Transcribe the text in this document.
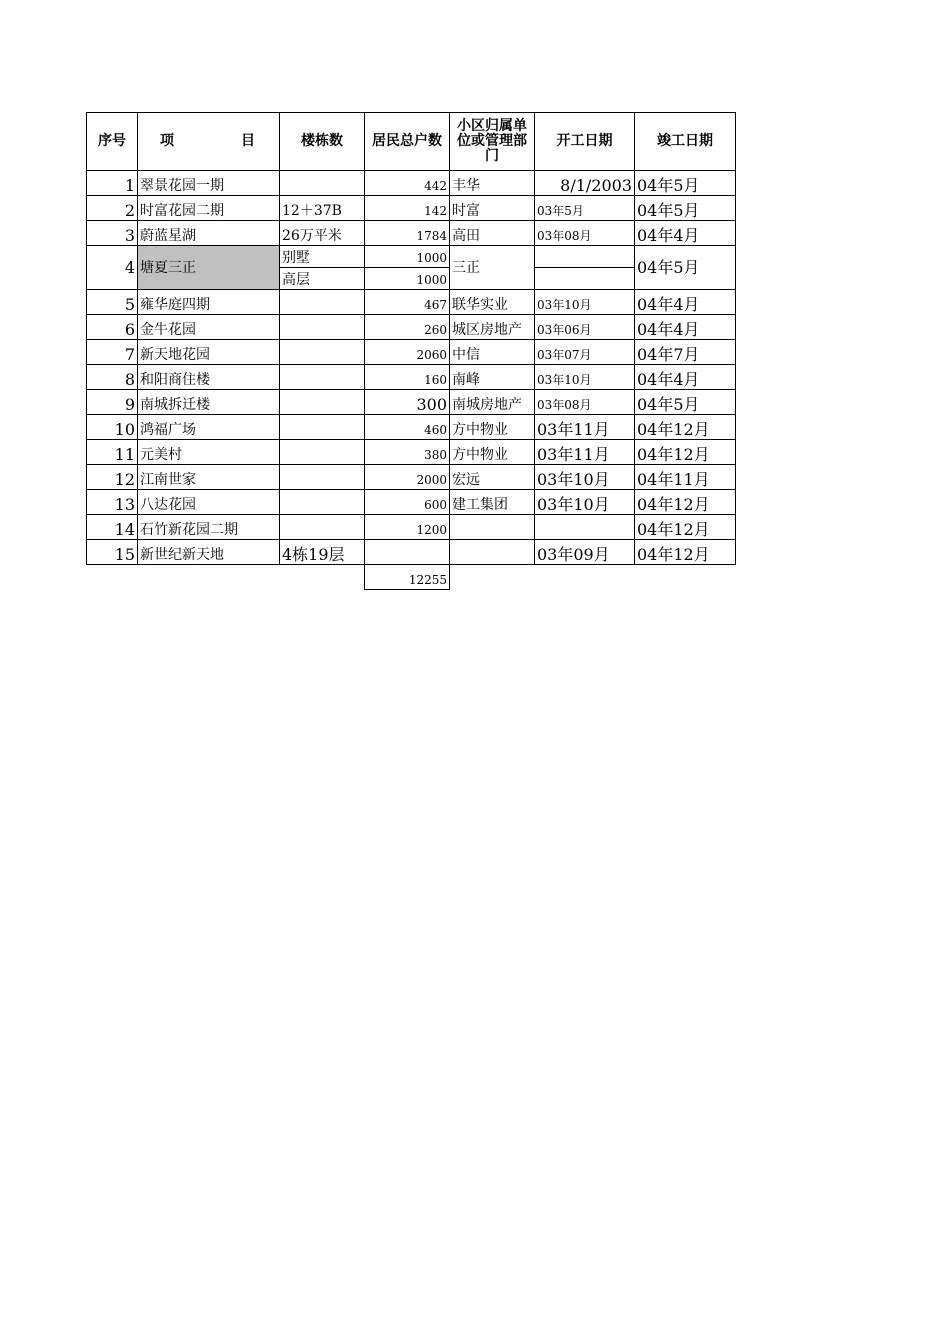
序号	项 目	楼栋数	居民总户数	小区归属单位或管理部门	开工日期	竣工日期
1	翠景花园一期		442	丰华	8/1/2003	04年5月
2	时富花园二期	12＋37B	142	时富	03年5月	04年5月
3	蔚蓝星湖	26万平米	1784	高田	03年08月	04年4月
4	塘夏三正	别墅	1000	三正		04年5月
		高层	1000			
5	雍华庭四期		467	联华实业	03年10月	04年4月
6	金牛花园		260	城区房地产	03年06月	04年4月
7	新天地花园		2060	中信	03年07月	04年7月
8	和阳商住楼		160	南峰	03年10月	04年4月
9	南城拆迁楼		300	南城房地产	03年08月	04年5月
10	鸿福广场		460	方中物业	03年11月	04年12月
11	元美村		380	方中物业	03年11月	04年12月
12	江南世家		2000	宏远	03年10月	04年11月
13	八达花园		600	建工集团	03年10月	04年12月
14	石竹新花园二期		1200			04年12月
15	新世纪新天地	4栋19层			03年09月	04年12月
			12255			
